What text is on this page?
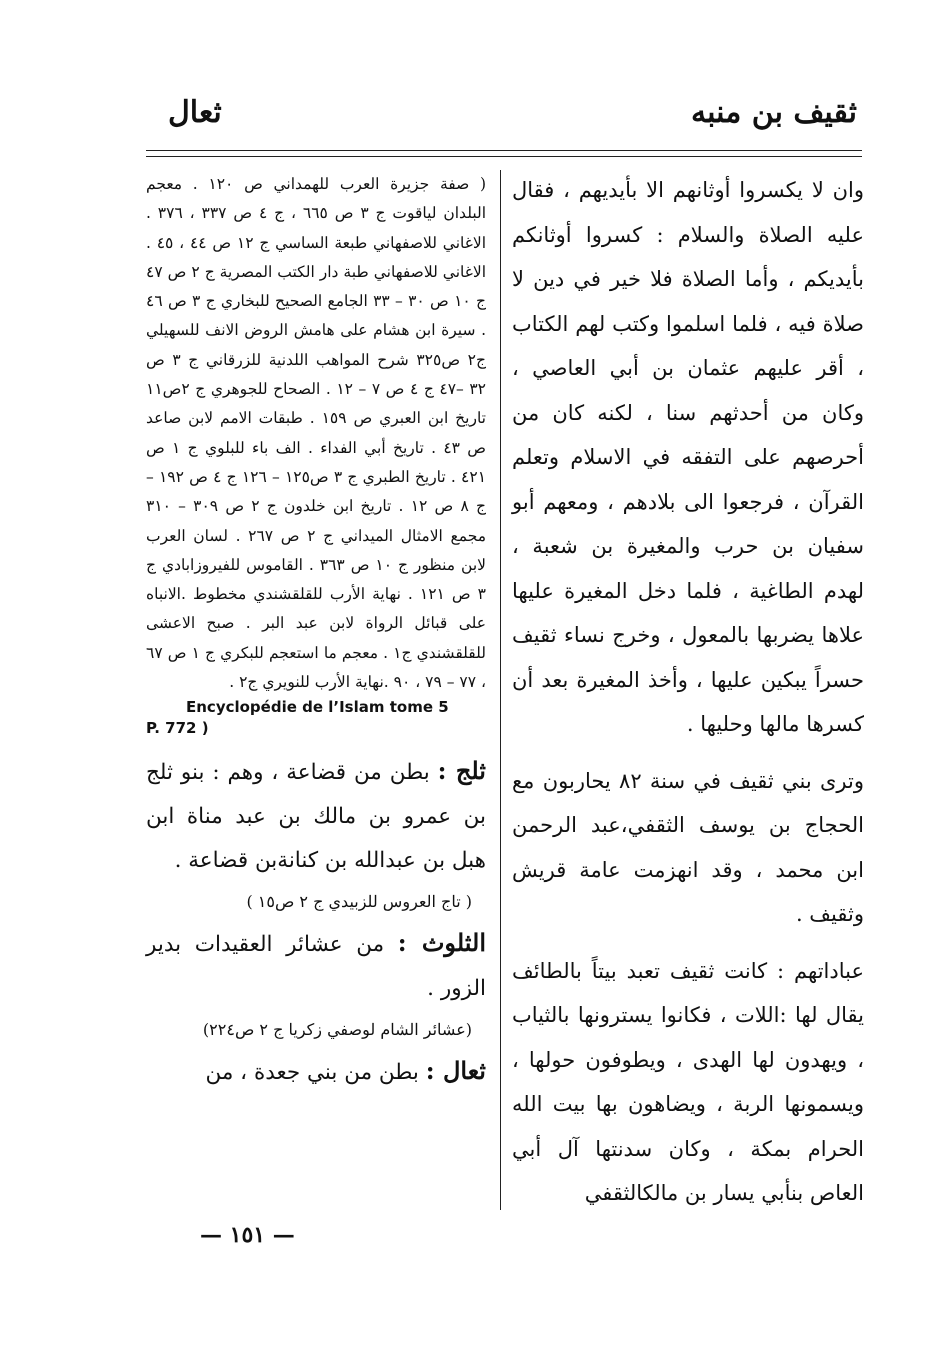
ثقيف بن منبه
ثعال

وان لا يكسروا أوثانهم الا بأيديهم ، فقال عليه الصلاة والسلام : كسروا أوثانكم بأيديكم ، وأما الصلاة فلا خير في دين لا صلاة فيه ، فلما اسلموا وكتب لهم الكتاب ، أقر عليهم عثمان بن أبي العاصي ، وكان من أحدثهم سنا ، لكنه كان من أحرصهم على التفقه في الاسلام وتعلم القرآن ، فرجعوا الى بلادهم ، ومعهم أبو سفيان بن حرب والمغيرة بن شعبة ، لهدم الطاغية ، فلما دخل المغيرة عليها علاها يضربها بالمعول ، وخرج نساء ثقيف حسراً يبكين عليها ، وأخذ المغيرة بعد أن كسرها مالها وحليها .

وترى بني ثقيف في سنة ٨٢ يحاربون مع الحجاج بن يوسف الثقفي،عبد الرحمن ابن محمد ، وقد انهزمت عامة قريش وثقيف .

عباداتهم : كانت ثقيف تعبد بيتاً بالطائف يقال لها :اللات ، فكانوا يسترونها بالثياب ، ويهدون لها الهدى ، ويطوفون حولها ، ويسمونها الربة ، ويضاهون بها بيت الله الحرام بمكة ، وكان سدنتها آل أبي العاص بنأبي يسار بن مالكالثقفي

( صفة جزيرة العرب للهمداني ص ١٢٠ . معجم البلدان لياقوت ج ٣ ص ٦٦٥ ، ج ٤ ص ٣٣٧ ، ٣٧٦ . الاغاني للاصفهاني طبعة الساسي ج ١٢ ص ٤٤ ، ٤٥ . الاغاني للاصفهاني طبة دار الكتب المصرية ج ٢ ص ٤٧ ج ١٠ ص ٣٠ – ٣٣ الجامع الصحيح للبخاري ج ٣ ص ٤٦ . سيرة ابن هشام على هامش الروض الانف للسهيلي ج٢ ص٣٢٥ شرح المواهب اللدنية للزرقاني ج ٣ ص ٣٢ –٤٧ ج ٤ ص ٧ – ١٢ . الصحاح للجوهري ج ٢ص١١ تاريخ ابن العبري ص ١٥٩ . طبقات الامم لابن صاعد ص ٤٣ . تاريخ أبي الفداء . الف باء للبلوي ج ١ ص ٤٢١ . تاريخ الطبري ج ٣ ص١٢٥ – ١٢٦ ج ٤ ص ١٩٢ – ج ٨ ص ١٢ . تاريخ ابن خلدون ج ٢ ص ٣٠٩ – ٣١٠ مجمع الامثال الميداني ج ٢ ص ٢٦٧ . لسان العرب لابن منظور ج ١٠ ص ٣٦٣ . القاموس للفيروزابادي ج ٣ ص ١٢١ . نهاية الأرب للقلقشندي مخطوط .الانباه على قبائل الرواة لابن عبد البر . صبح الاعشى للقلقشندي ج١ . معجم ما استعجم للبكري ج ١ ص ٦٧ ، ٧٧ – ٧٩ ، ٩٠ .نهاية الأرب للنويري ج٢ .

Encyclopédie de l’Islam tome 5
P. 772 )

ثلج : بطن من قضاعة ، وهم : بنو ثلج بن عمرو بن مالك بن عبد مناة ابن هبل بن عبدالله بن كنانةبن قضاعة .

( تاج العروس للزبيدي ج ٢ ص١٥ )

الثلوث : من عشائر العقيدات بدير الزور .

(عشائر الشام لوصفي زكريا ج ٢ ص٢٢٤)

ثعال : بطن من بني جعدة ، من

— ١٥١ —
